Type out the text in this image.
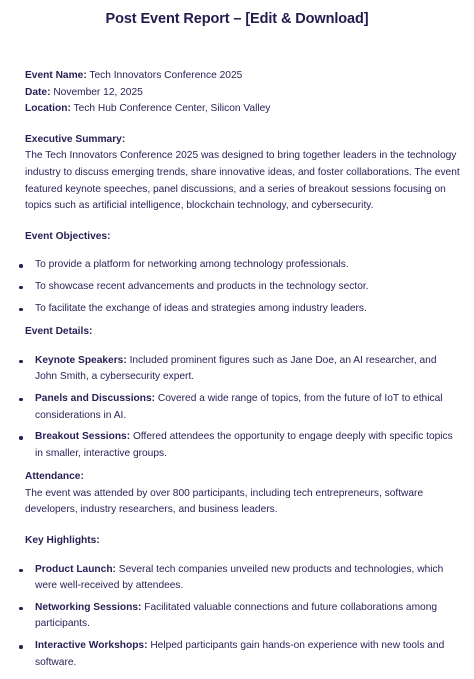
Post Event Report – [Edit & Download]
Event Name: Tech Innovators Conference 2025
Date: November 12, 2025
Location: Tech Hub Conference Center, Silicon Valley
Executive Summary:
The Tech Innovators Conference 2025 was designed to bring together leaders in the technology
industry to discuss emerging trends, share innovative ideas, and foster collaborations. The event
featured keynote speeches, panel discussions, and a series of breakout sessions focusing on
topics such as artificial intelligence, blockchain technology, and cybersecurity.
Event Objectives:
To provide a platform for networking among technology professionals.
To showcase recent advancements and products in the technology sector.
To facilitate the exchange of ideas and strategies among industry leaders.
Event Details:
Keynote Speakers: Included prominent figures such as Jane Doe, an AI researcher, and
John Smith, a cybersecurity expert.
Panels and Discussions: Covered a wide range of topics, from the future of IoT to ethical
considerations in AI.
Breakout Sessions: Offered attendees the opportunity to engage deeply with specific topics
in smaller, interactive groups.
Attendance:
The event was attended by over 800 participants, including tech entrepreneurs, software
developers, industry researchers, and business leaders.
Key Highlights:
Product Launch: Several tech companies unveiled new products and technologies, which
were well-received by attendees.
Networking Sessions: Facilitated valuable connections and future collaborations among
participants.
Interactive Workshops: Helped participants gain hands-on experience with new tools and
software.
